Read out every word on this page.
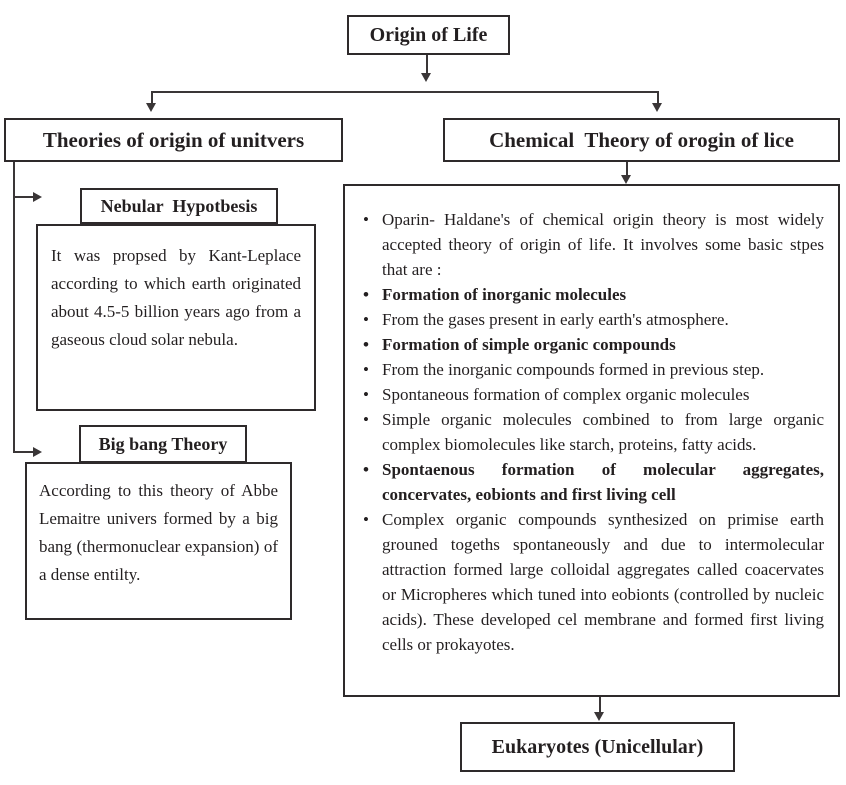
Origin of Life
Theories of origin of unitvers	Chemical  Theory of orogin of lice
Nebular  Hypotbesis
It was propsed by Kant-Leplace according to which earth originated about 4.5-5 billion years ago from a gaseous cloud solar nebula.
Big bang Theory
According to this theory of Abbe Lemaitre univers formed by a big bang (thermonuclear expansion) of a dense entilty.
• Oparin- Haldane's of chemical origin theory is most widely accepted theory of origin of life. It involves some basic stpes that are :
• Formation of inorganic molecules
• From the gases present in early earth's atmosphere.
• Formation of simple organic compounds
• From the inorganic compounds formed in previous step.
• Spontaneous formation of complex organic molecules
• Simple organic molecules combined to from large organic complex biomolecules like starch, proteins, fatty acids.
• Spontaenous formation of molecular aggregates, concervates, eobionts and first living cell
• Complex organic compounds synthesized on primise earth grouned togeths spontaneously and due to intermolecular attraction formed large colloidal aggregates called coacervates or Micropheres which tuned into eobionts (controlled by nucleic acids). These developed cel membrane and formed first living cells or prokayotes.
Eukaryotes (Unicellular)
